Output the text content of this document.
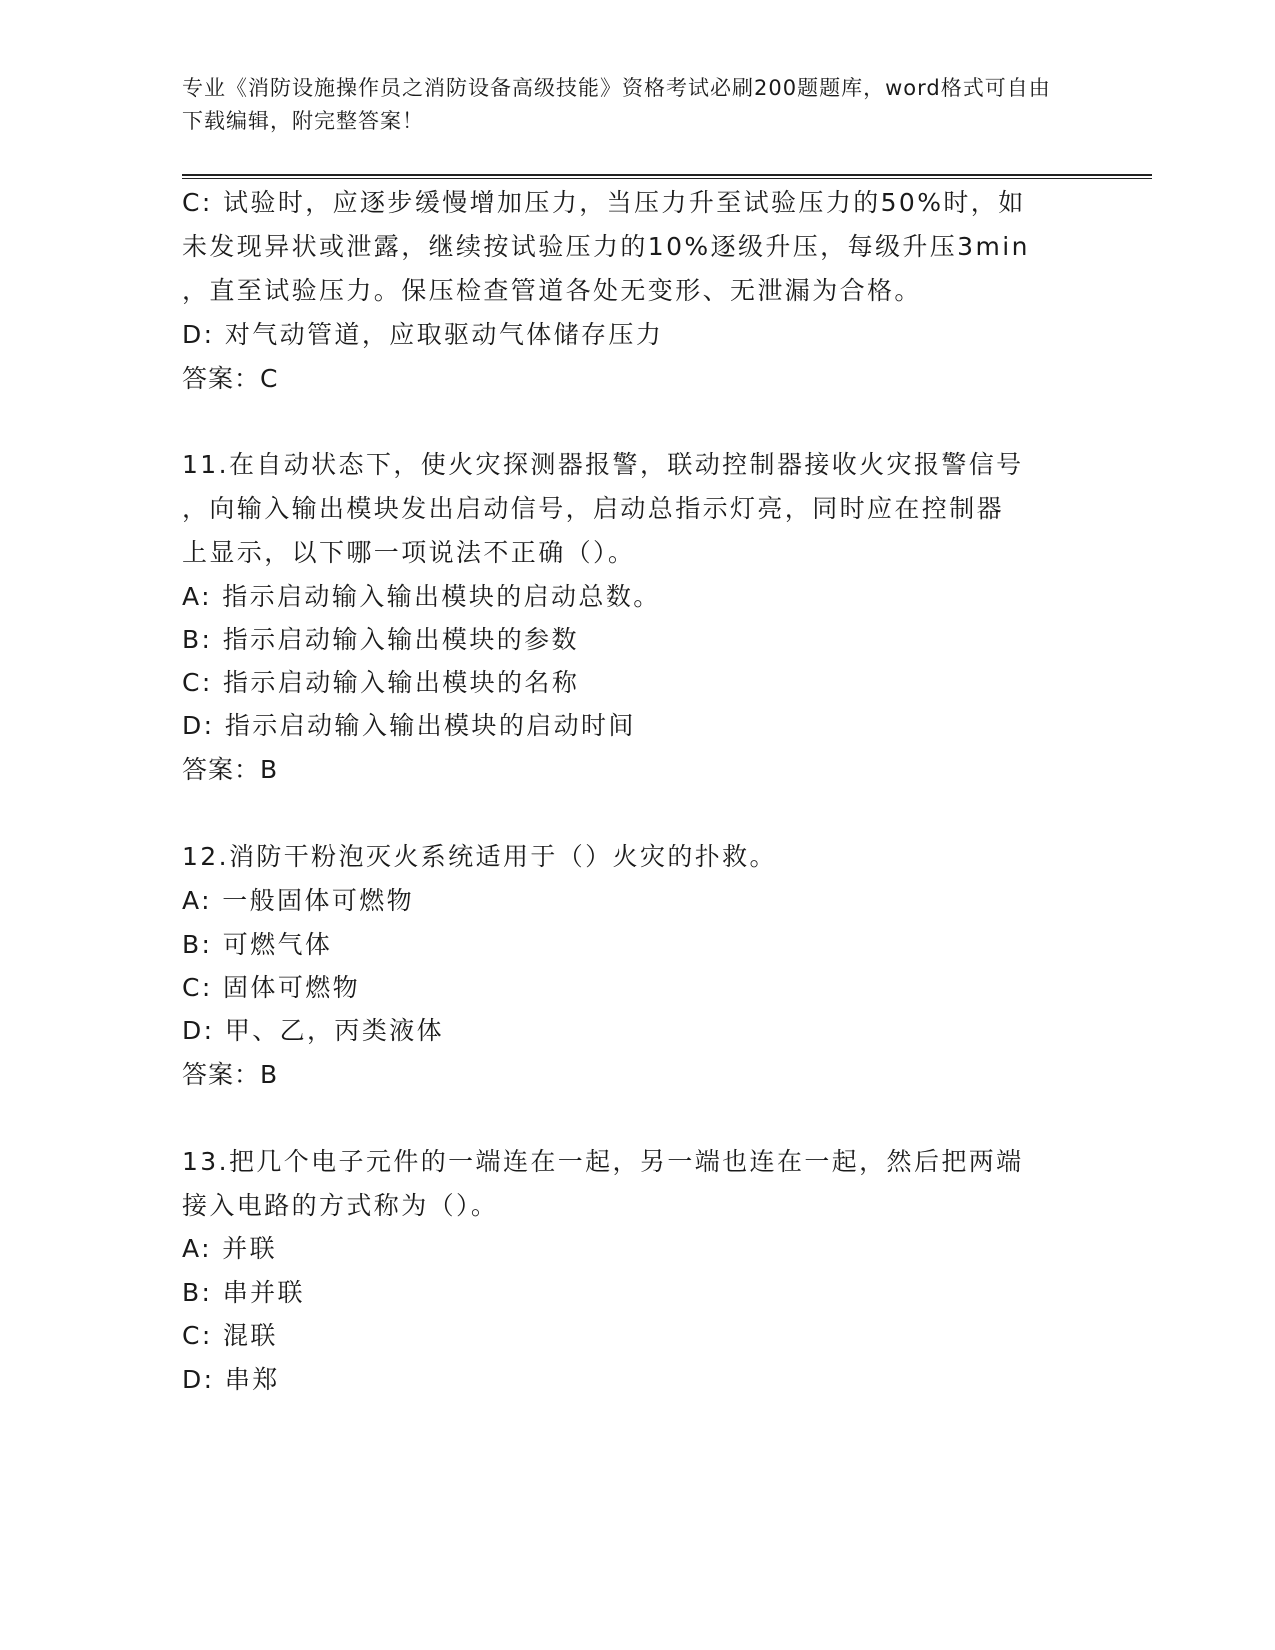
专业《消防设施操作员之消防设备高级技能》资格考试必刷200题题库，word格式可自由下载编辑，附完整答案！
C: 试验时，应逐步缓慢增加压力，当压力升至试验压力的50%时，如
未发现异状或泄露，继续按试验压力的10%逐级升压，每级升压3min
，直至试验压力。保压检查管道各处无变形、无泄漏为合格。
D: 对气动管道，应取驱动气体储存压力
答案：C
11.在自动状态下，使火灾探测器报警，联动控制器接收火灾报警信号
，向输入输出模块发出启动信号，启动总指示灯亮，同时应在控制器
上显示，以下哪一项说法不正确（）。
A: 指示启动输入输出模块的启动总数。
B: 指示启动输入输出模块的参数
C: 指示启动输入输出模块的名称
D: 指示启动输入输出模块的启动时间
答案：B
12.消防干粉泡灭火系统适用于（）火灾的扑救。
A: 一般固体可燃物
B: 可燃气体
C: 固体可燃物
D: 甲、乙，丙类液体
答案：B
13.把几个电子元件的一端连在一起，另一端也连在一起，然后把两端
接入电路的方式称为（）。
A: 并联
B: 串并联
C: 混联
D: 串郑
